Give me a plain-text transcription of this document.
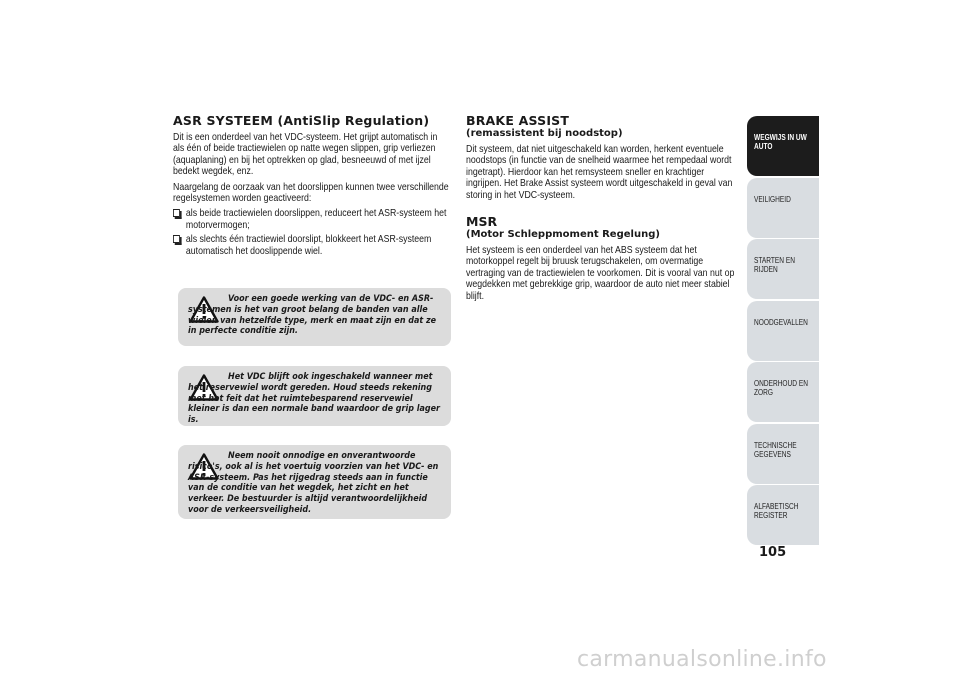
ASR SYSTEEM (AntiSlip Regulation)

Dit is een onderdeel van het VDC-systeem. Het grijpt automatisch in als één of beide tractiewielen op natte wegen slippen, grip verliezen (aquaplaning) en bij het optrekken op glad, besneeuwd of met ijzel bedekt wegdek, enz.

Naargelang de oorzaak van het doorslippen kunnen twee verschillende regelsystemen worden geactiveerd:

als beide tractiewielen doorslippen, reduceert het ASR-systeem het motorvermogen;
als slechts één tractiewiel doorslipt, blokkeert het ASR-systeem automatisch het dooslippende wiel.

Voor een goede werking van de VDC- en ASR-systemen is het van groot belang de banden van alle wielen van hetzelfde type, merk en maat zijn en dat ze in perfecte conditie zijn.

Het VDC blijft ook ingeschakeld wanneer met het reservewiel wordt gereden. Houd steeds rekening met het feit dat het ruimtebesparend reservewiel kleiner is dan een normale band waardoor de grip lager is.

Neem nooit onnodige en onverantwoorde risico's, ook al is het voertuig voorzien van het VDC- en ASR-systeem. Pas het rijgedrag steeds aan in functie van de conditie van het wegdek, het zicht en het verkeer. De bestuurder is altijd verantwoordelijkheid voor de verkeersveiligheid.

BRAKE ASSIST
(remassistent bij noodstop)

Dit systeem, dat niet uitgeschakeld kan worden, herkent eventuele noodstops (in functie van de snelheid waarmee het rempedaal wordt ingetrapt). Hierdoor kan het remsysteem sneller en krachtiger ingrijpen. Het Brake Assist systeem wordt uitgeschakeld in geval van storing in het VDC-systeem.

MSR
(Motor Schleppmoment Regelung)

Het systeem is een onderdeel van het ABS systeem dat het motorkoppel regelt bij bruusk terugschakelen, om overmatige vertraging van de tractiewielen te voorkomen. Dit is vooral van nut op wegdekken met gebrekkige grip, waardoor de auto niet meer stabiel blijft.

WEGWIJS IN UW AUTO
VEILIGHEID
STARTEN EN RIJDEN
NOODGEVALLEN
ONDERHOUD EN ZORG
TECHNISCHE GEGEVENS
ALFABETISCH REGISTER
105
carmanualsonline.info
